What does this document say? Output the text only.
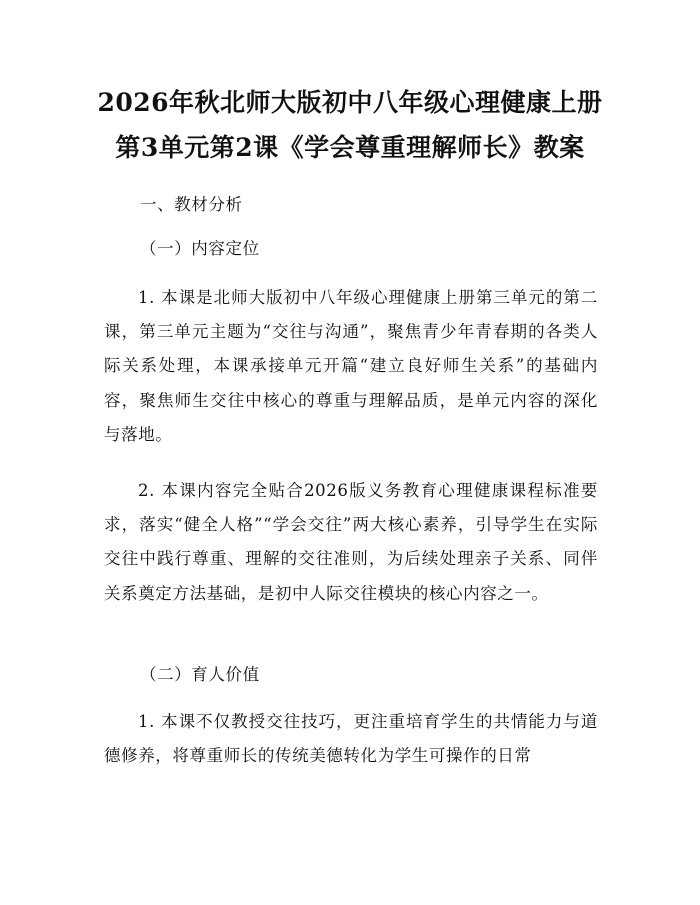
2026年秋北师大版初中八年级心理健康上册
第3单元第2课《学会尊重理解师长》教案
一、教材分析
（一）内容定位

1. 本课是北师大版初中八年级心理健康上册第三单元的第二课，第三单元主题为“交往与沟通”，聚焦青少年青春期的各类人际关系处理，本课承接单元开篇“建立良好师生关系”的基础内容，聚焦师生交往中核心的尊重与理解品质，是单元内容的深化与落地。

2. 本课内容完全贴合2026版义务教育心理健康课程标准要求，落实“健全人格”“学会交往”两大核心素养，引导学生在实际交往中践行尊重、理解的交往准则，为后续处理亲子关系、同伴关系奠定方法基础，是初中人际交往模块的核心内容之一。

（二）育人价值

1. 本课不仅教授交往技巧，更注重培育学生的共情能力与道德修养，将尊重师长的传统美德转化为学生可操作的日常
